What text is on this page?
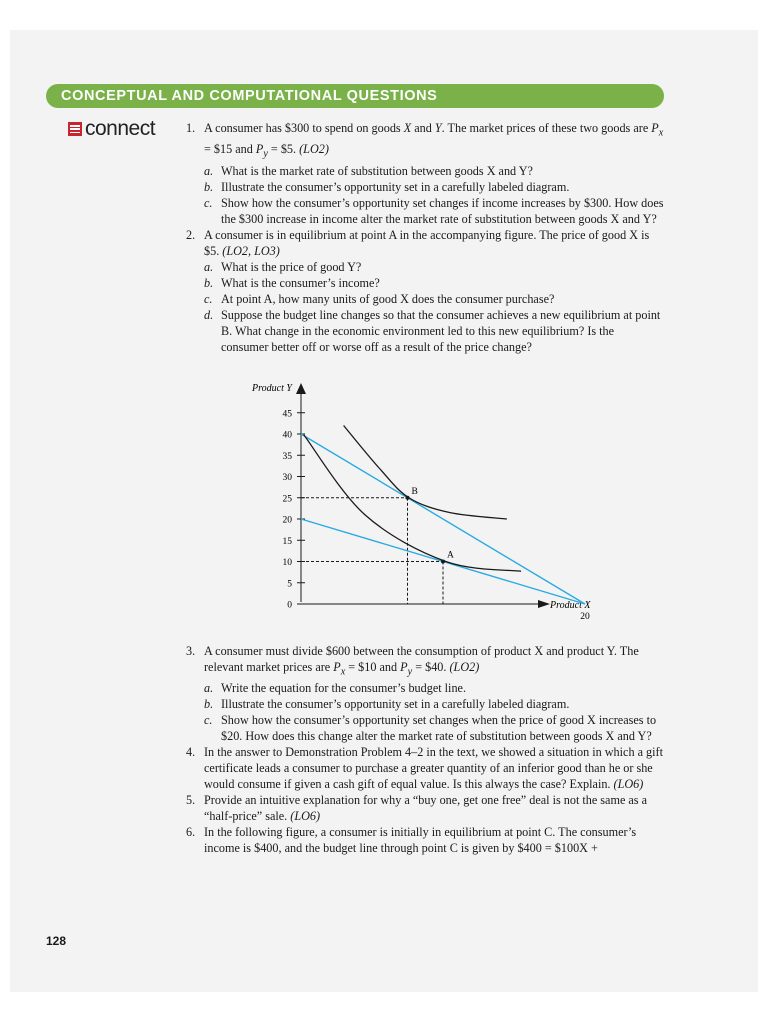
CONCEPTUAL AND COMPUTATIONAL QUESTIONS
connect	1. A consumer has $300 to spend on goods X and Y. The market prices of these two goods are $P_x$ = $15 and $P_y$ = $5. (LO2)
a. What is the market rate of substitution between goods X and Y?
b. Illustrate the consumer’s opportunity set in a carefully labeled diagram.
c. Show how the consumer’s opportunity set changes if income increases by $300. How does the $300 increase in income alter the market rate of substitution between goods X and Y?
2. A consumer is in equilibrium at point A in the accompanying figure. The price of good X is $5. (LO2, LO3)
a. What is the price of good Y?
b. What is the consumer’s income?
c. At point A, how many units of good X does the consumer purchase?
d. Suppose the budget line changes so that the consumer achieves a new equilibrium at point B. What change in the economic environment led to this new equilibrium? Is the consumer better off or worse off as a result of the price change?
Product Y
Product X
0
5
10
15
20
25
30
35
40
45
20
A
B
3. A consumer must divide $600 between the consumption of product X and product Y. The relevant market prices are $P_x$ = $10 and $P_y$ = $40. (LO2)
a. Write the equation for the consumer’s budget line.
b. Illustrate the consumer’s opportunity set in a carefully labeled diagram.
c. Show how the consumer’s opportunity set changes when the price of good X increases to $20. How does this change alter the market rate of substitution between goods X and Y?
4. In the answer to Demonstration Problem 4–2 in the text, we showed a situation in which a gift certificate leads a consumer to purchase a greater quantity of an inferior good than he or she would consume if given a cash gift of equal value. Is this always the case? Explain. (LO6)
5. Provide an intuitive explanation for why a “buy one, get one free” deal is not the same as a “half-price” sale. (LO6)
6. In the following figure, a consumer is initially in equilibrium at point C. The consumer’s income is $400, and the budget line through point C is given by $400 = $100X +
128
